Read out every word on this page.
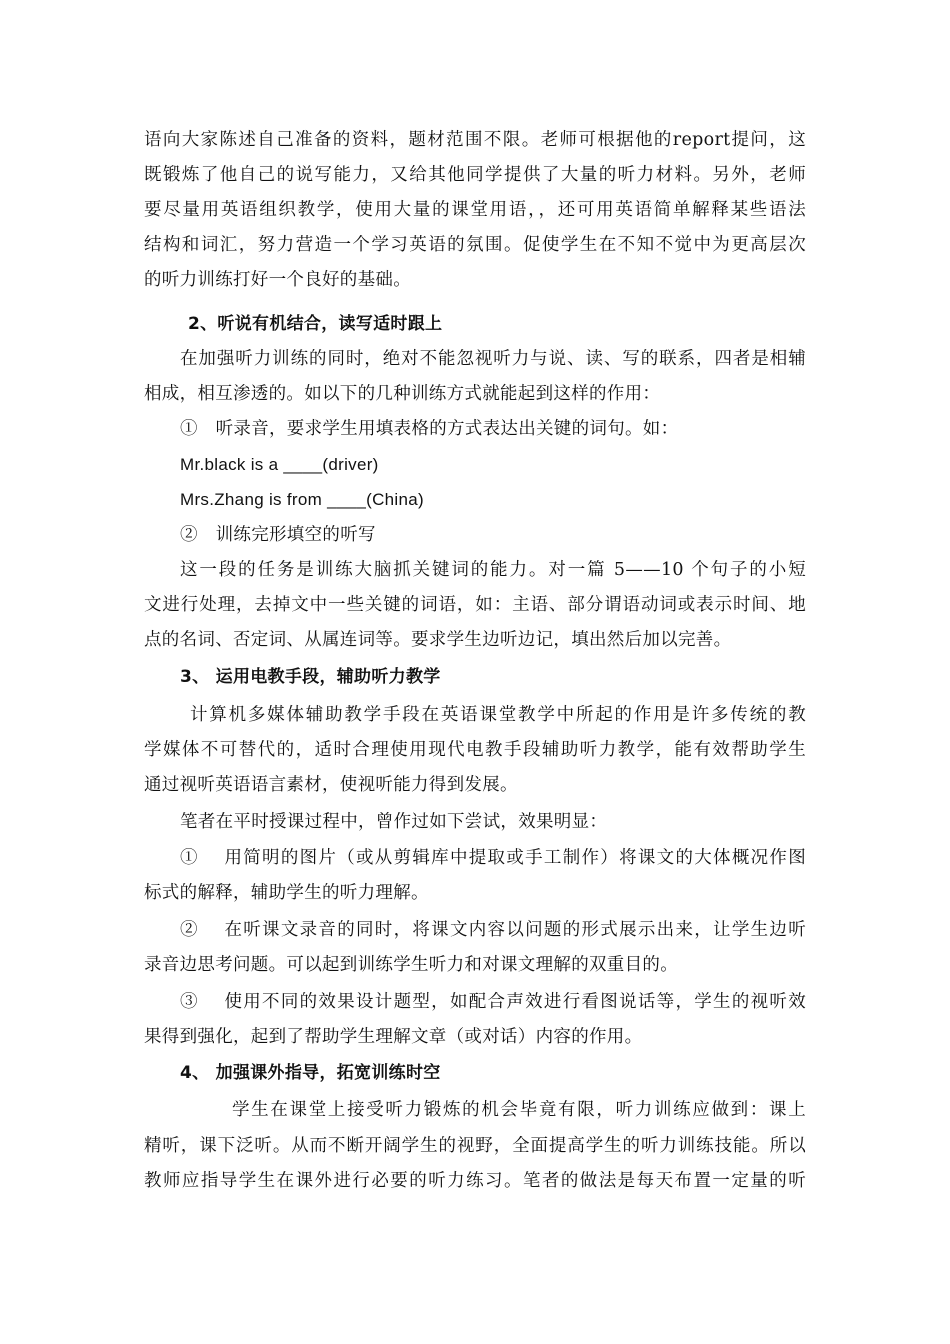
语向大家陈述自己准备的资料，题材范围不限。老师可根据他的report提问，这
既锻炼了他自己的说写能力，又给其他同学提供了大量的听力材料。另外，老师
要尽量用英语组织教学，使用大量的课堂用语，，还可用英语简单解释某些语法
结构和词汇，努力营造一个学习英语的氛围。促使学生在不知不觉中为更高层次
的听力训练打好一个良好的基础。
2、听说有机结合，读写适时跟上
在加强听力训练的同时，绝对不能忽视听力与说、读、写的联系，四者是相辅
相成，相互渗透的。如以下的几种训练方式就能起到这样的作用：
①　听录音，要求学生用填表格的方式表达出关键的词句。如：
Mr.black is a ____(driver)
Mrs.Zhang is from ____(China)
②　训练完形填空的听写
这一段的任务是训练大脑抓关键词的能力。对一篇 5——10 个句子的小短
文进行处理，去掉文中一些关键的词语，如：主语、部分谓语动词或表示时间、地
点的名词、否定词、从属连词等。要求学生边听边记，填出然后加以完善。
3、 运用电教手段，辅助听力教学
计算机多媒体辅助教学手段在英语课堂教学中所起的作用是许多传统的教
学媒体不可替代的，适时合理使用现代电教手段辅助听力教学，能有效帮助学生
通过视听英语语言素材，使视听能力得到发展。
笔者在平时授课过程中，曾作过如下尝试，效果明显：
①　 用简明的图片（或从剪辑库中提取或手工制作）将课文的大体概况作图
标式的解释，辅助学生的听力理解。
②　 在听课文录音的同时，将课文内容以问题的形式展示出来，让学生边听
录音边思考问题。可以起到训练学生听力和对课文理解的双重目的。
③　 使用不同的效果设计题型，如配合声效进行看图说话等，学生的视听效
果得到强化，起到了帮助学生理解文章（或对话）内容的作用。
4、 加强课外指导，拓宽训练时空
学生在课堂上接受听力锻炼的机会毕竟有限，听力训练应做到：课上
精听，课下泛听。从而不断开阔学生的视野，全面提高学生的听力训练技能。所以
教师应指导学生在课外进行必要的听力练习。笔者的做法是每天布置一定量的听
